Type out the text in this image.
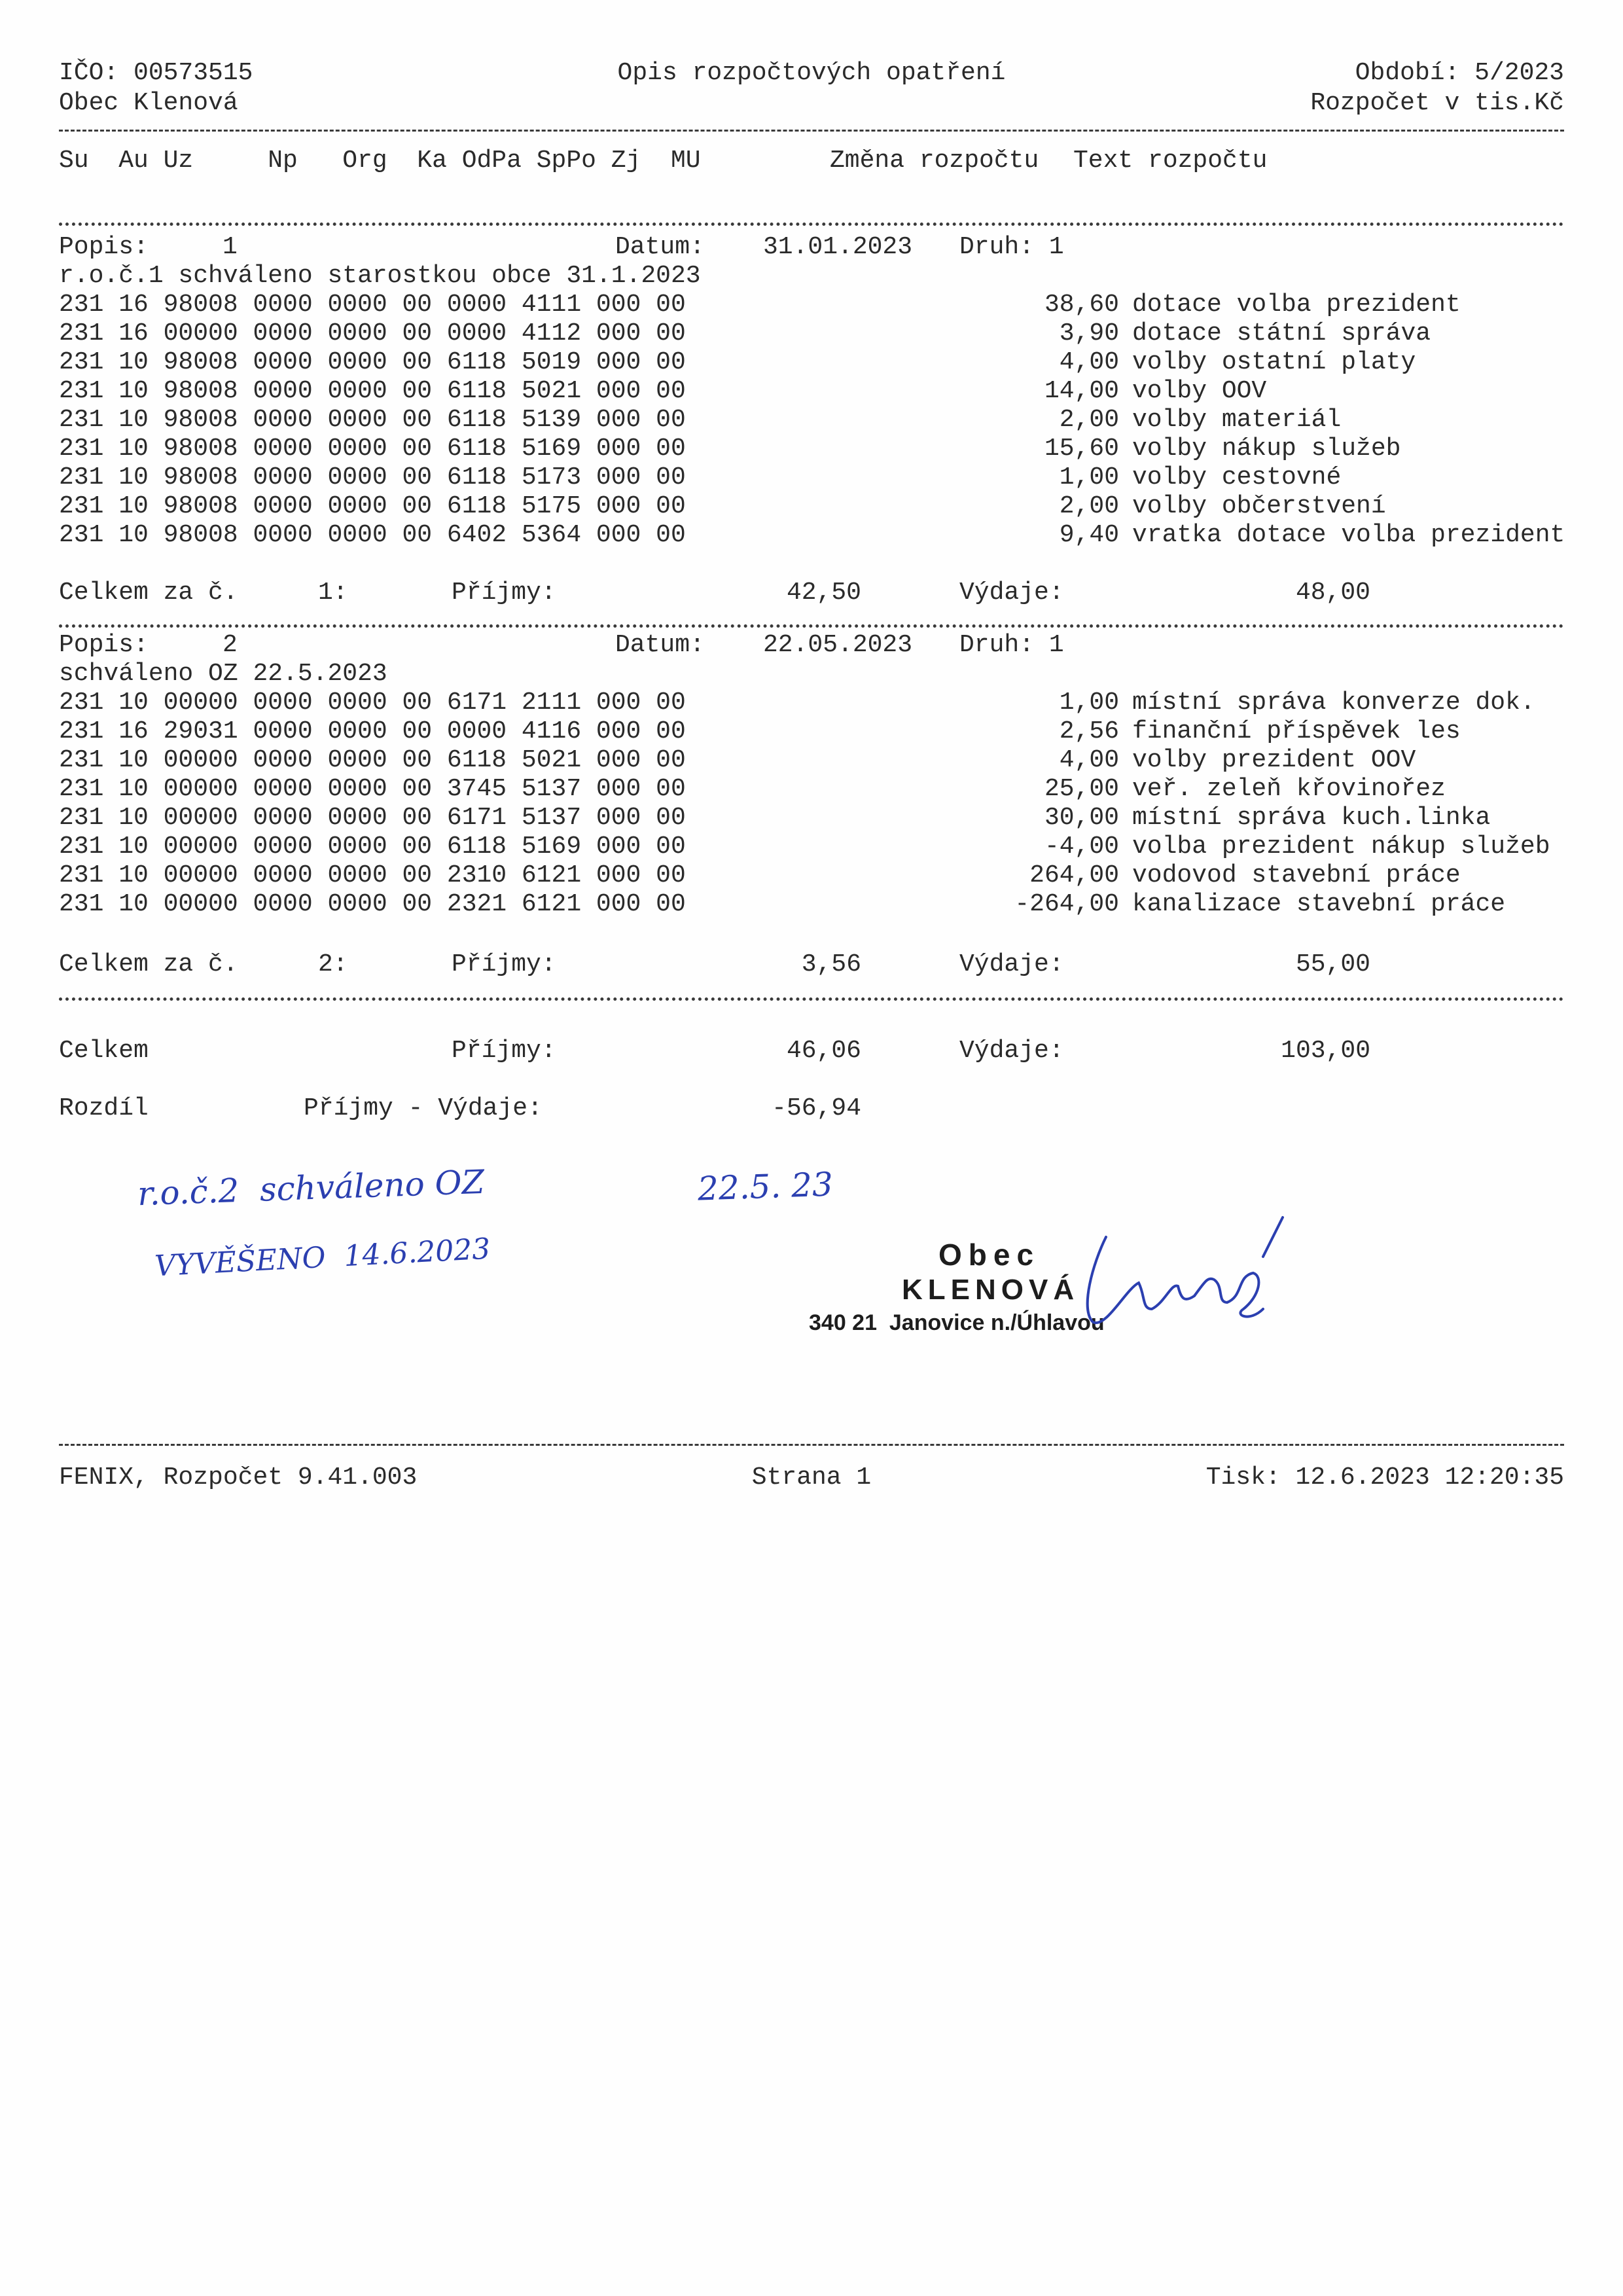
IČO: 00573515
Obec Klenová
Opis rozpočtových opatření	Období: 5/2023
Rozpočet v tis.Kč
Su  Au Uz     Np   Org  Ka OdPa SpPo Zj  MU	Změna rozpočtu Text rozpočtu
Popis:	1	Datum: 31.01.2023 Druh: 1
r.o.č.1 schváleno starostkou obce 31.1.2023
231 16 98008 0000 0000 00 0000 4111 000 00	38,60 dotace volba prezident
231 16 00000 0000 0000 00 0000 4112 000 00	3,90 dotace státní správa
231 10 98008 0000 0000 00 6118 5019 000 00	4,00 volby ostatní platy
231 10 98008 0000 0000 00 6118 5021 000 00	14,00 volby OOV
231 10 98008 0000 0000 00 6118 5139 000 00	2,00 volby materiál
231 10 98008 0000 0000 00 6118 5169 000 00	15,60 volby nákup služeb
231 10 98008 0000 0000 00 6118 5173 000 00	1,00 volby cestovné
231 10 98008 0000 0000 00 6118 5175 000 00	2,00 volby občerstvení
231 10 98008 0000 0000 00 6402 5364 000 00	9,40 vratka dotace volba prezident
Celkem za č.	1:	Příjmy:	42,50	Výdaje:	48,00
Popis:	2	Datum: 22.05.2023 Druh: 1
schváleno OZ 22.5.2023
231 10 00000 0000 0000 00 6171 2111 000 00	1,00 místní správa konverze dok.
231 16 29031 0000 0000 00 0000 4116 000 00	2,56 finanční příspěvek les
231 10 00000 0000 0000 00 6118 5021 000 00	4,00 volby prezident OOV
231 10 00000 0000 0000 00 3745 5137 000 00	25,00 veř. zeleň křovinořez
231 10 00000 0000 0000 00 6171 5137 000 00	30,00 místní správa kuch.linka
231 10 00000 0000 0000 00 6118 5169 000 00	-4,00 volba prezident nákup služeb
231 10 00000 0000 0000 00 2310 6121 000 00	264,00 vodovod stavební práce
231 10 00000 0000 0000 00 2321 6121 000 00	-264,00 kanalizace stavební práce
Celkem za č.	2:	Příjmy:	3,56	Výdaje:	55,00
Celkem	Příjmy:	46,06	Výdaje:	103,00
Rozdíl	Příjmy - Výdaje:	-56,94
r.o.č.2  schváleno OZ	22.5. 23
VYVĚŠENO  14.6.2023	Obec
KLENOVÁ
340 21  Janovice n./Úhlavou
FENIX, Rozpočet 9.41.003	Strana 1	Tisk: 12.6.2023 12:20:35
